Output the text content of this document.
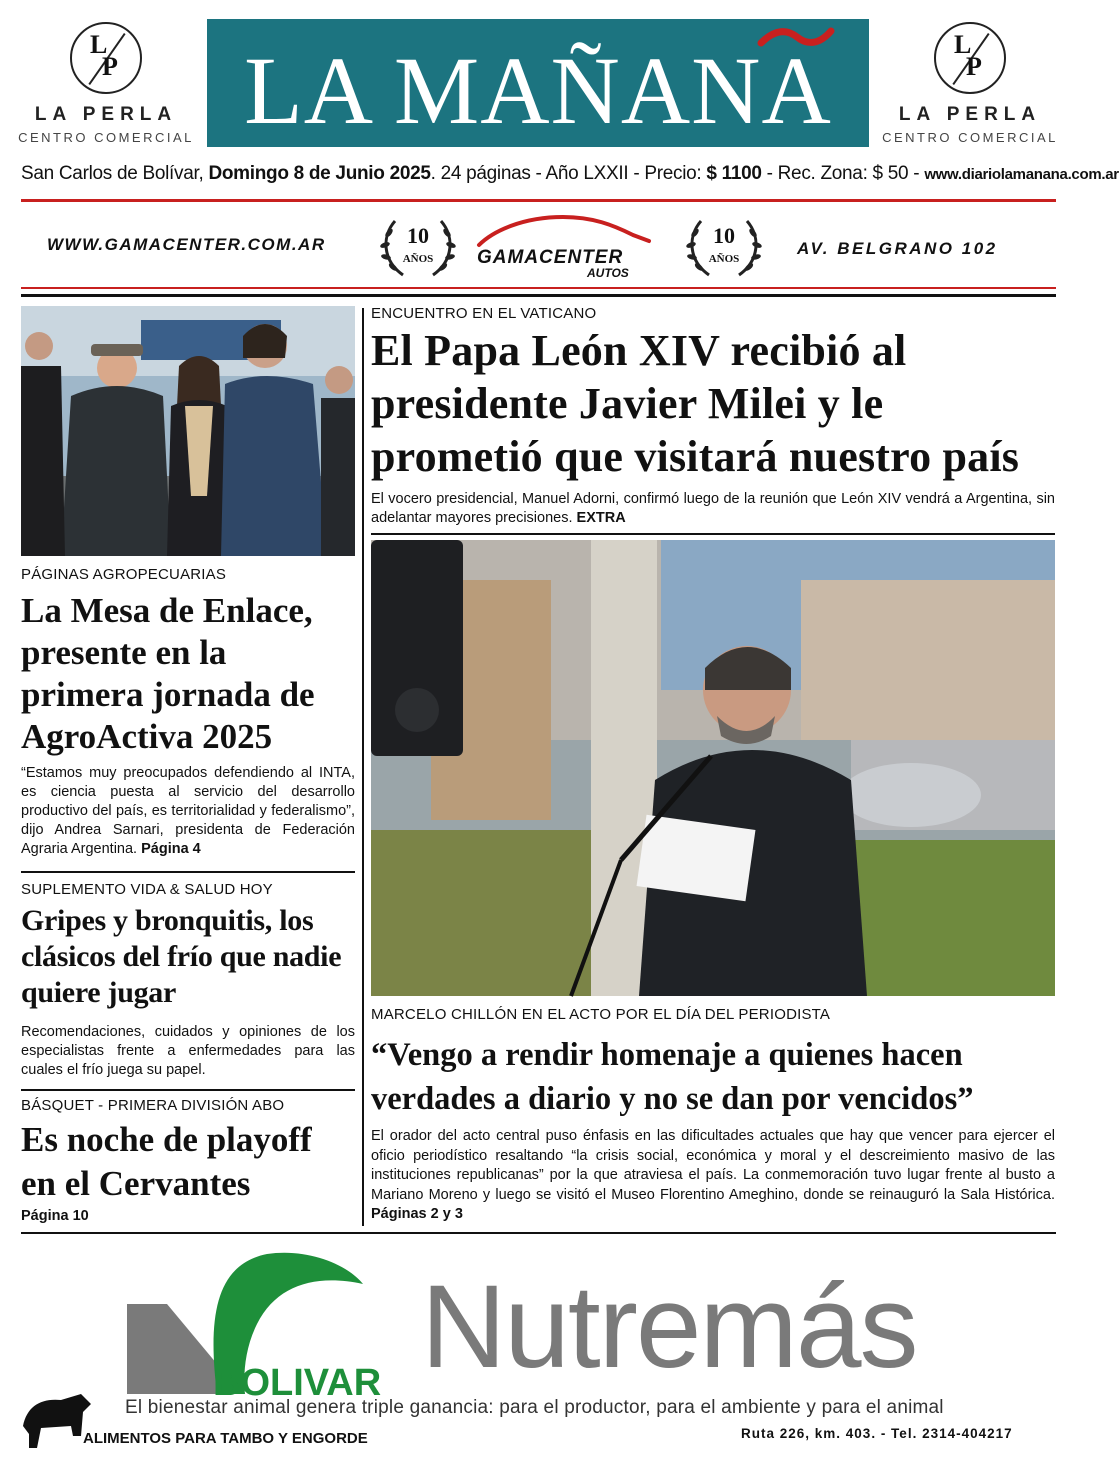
L
P
LA PERLA
CENTRO COMERCIAL LA MAÑANA	L
P
LA PERLA
CENTRO COMERCIAL
San Carlos de Bolívar, Domingo 8 de Junio 2025. 24 páginas - Año LXXII - Precio: $ 1100 - Rec. Zona: $ 50 - www.diariolamanana.com.ar
WWW.GAMACENTER.COM.AR	10
AÑOS	GAMACENTER
AUTOS
10
AÑOS
AV. BELGRANO 102
PÁGINAS AGROPECUARIAS
La Mesa de Enlace, presente en la primera jornada de AgroActiva 2025
“Estamos muy preocupados defendiendo al INTA, es ciencia puesta al servicio del desarrollo productivo del país, es territorialidad y federalismo”, dijo Andrea Sarnari, presidenta de Federación Agraria Argentina. Página 4
SUPLEMENTO VIDA & SALUD HOY
Gripes y bronquitis, los clásicos del frío que nadie quiere jugar
Recomendaciones, cuidados y opiniones de los especialistas frente a enfermedades para las cuales el frío juega su papel.
BÁSQUET - PRIMERA DIVISIÓN ABO
Es noche de playoff en el Cervantes
Página 10
ENCUENTRO EN EL VATICANO
El Papa León XIV recibió al presidente Javier Milei y le prometió que visitará nuestro país
El vocero presidencial, Manuel Adorni, confirmó luego de la reunión que León XIV vendrá a Argentina, sin adelantar mayores precisiones. EXTRA
MARCELO CHILLÓN EN EL ACTO POR EL DÍA DEL PERIODISTA
“Vengo a rendir homenaje a quienes hacen verdades a diario y no se dan por vencidos”
El orador del acto central puso énfasis en las dificultades actuales que hay que vencer para ejercer el oficio periodístico resaltando “la crisis social, económica y moral y el descreimiento masivo de las instituciones republicanas” por la que atraviesa el país. La conmemoración tuvo lugar frente al busto a Mariano Moreno y luego se visitó el Museo Florentino Ameghino, donde se reinauguró la Sala Histórica. Páginas 2 y 3
Nutremás
BOLIVAR
El bienestar animal genera triple ganancia: para el productor, para el ambiente y para el animal
ALIMENTOS PARA TAMBO Y ENGORDE	Ruta 226, km. 403. - Tel. 2314-404217
